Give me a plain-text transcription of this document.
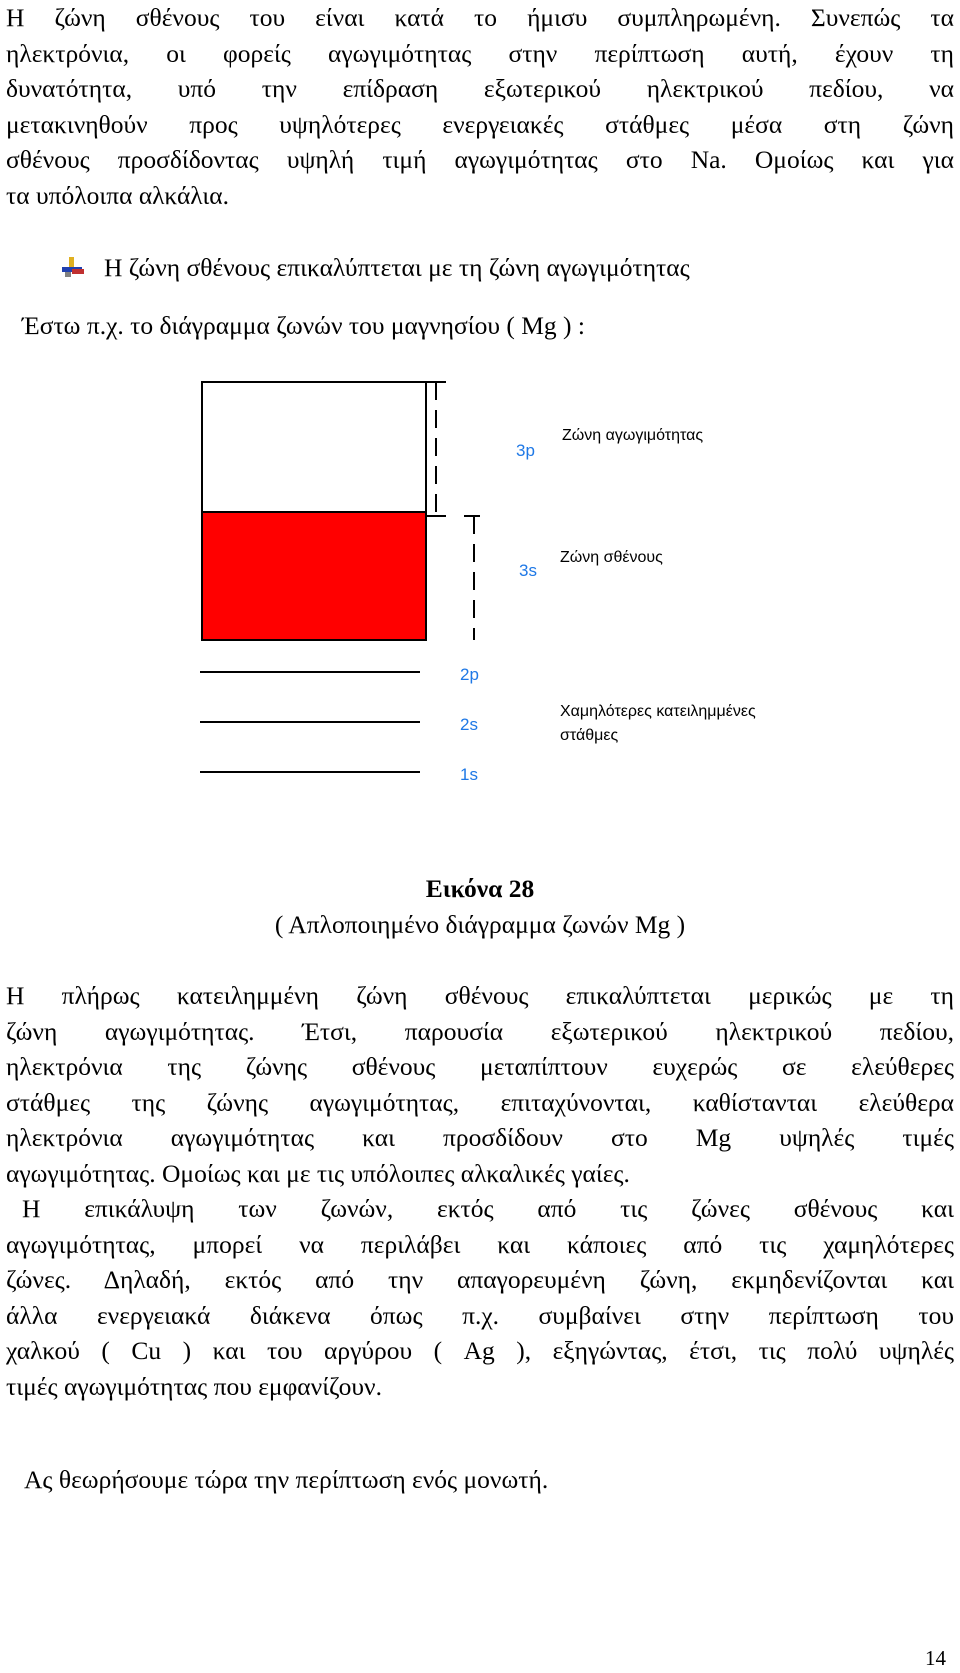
Η ζώνη σθένους του είναι κατά το ήμισυ συμπληρωμένη. Συνεπώς τα
ηλεκτρόνια, οι φορείς αγωγιμότητας στην περίπτωση αυτή, έχουν τη
δυνατότητα, υπό την επίδραση εξωτερικού ηλεκτρικού πεδίου, να
μετακινηθούν προς υψηλότερες ενεργειακές στάθμες μέσα στη ζώνη
σθένους προσδίδοντας υψηλή τιμή αγωγιμότητας στο Na. Ομοίως και για
τα υπόλοιπα αλκάλια.

Η ζώνη σθένους επικαλύπτεται με τη ζώνη αγωγιμότητας
Έστω π.χ. το διάγραμμα ζωνών του μαγνησίου ( Mg ) :
3p
3s
2p
2s
1s
Ζώνη αγωγιμότητας
Ζώνη σθένους
Χαμηλότερες κατειλημμένες
στάθμες
Εικόνα 28
( Απλοποιημένο διάγραμμα ζωνών Mg )

Η πλήρως κατειλημμένη ζώνη σθένους επικαλύπτεται μερικώς με τη
ζώνη αγωγιμότητας. Έτσι, παρουσία εξωτερικού ηλεκτρικού πεδίου,
ηλεκτρόνια της ζώνης σθένους μεταπίπτουν ευχερώς σε ελεύθερες
στάθμες της ζώνης αγωγιμότητας, επιταχύνονται, καθίστανται ελεύθερα
ηλεκτρόνια αγωγιμότητας και προσδίδουν στο Mg υψηλές τιμές
αγωγιμότητας. Ομοίως και με τις υπόλοιπες αλκαλικές γαίες.
Η επικάλυψη των ζωνών, εκτός από τις ζώνες σθένους και
αγωγιμότητας, μπορεί να περιλάβει και κάποιες από τις χαμηλότερες
ζώνες. Δηλαδή, εκτός από την απαγορευμένη ζώνη, εκμηδενίζονται και
άλλα ενεργειακά διάκενα όπως π.χ. συμβαίνει στην περίπτωση του
χαλκού ( Cu ) και του αργύρου ( Ag ), εξηγώντας, έτσι, τις πολύ υψηλές
τιμές αγωγιμότητας που εμφανίζουν.

Ας θεωρήσουμε τώρα την περίπτωση ενός μονωτή.
14
